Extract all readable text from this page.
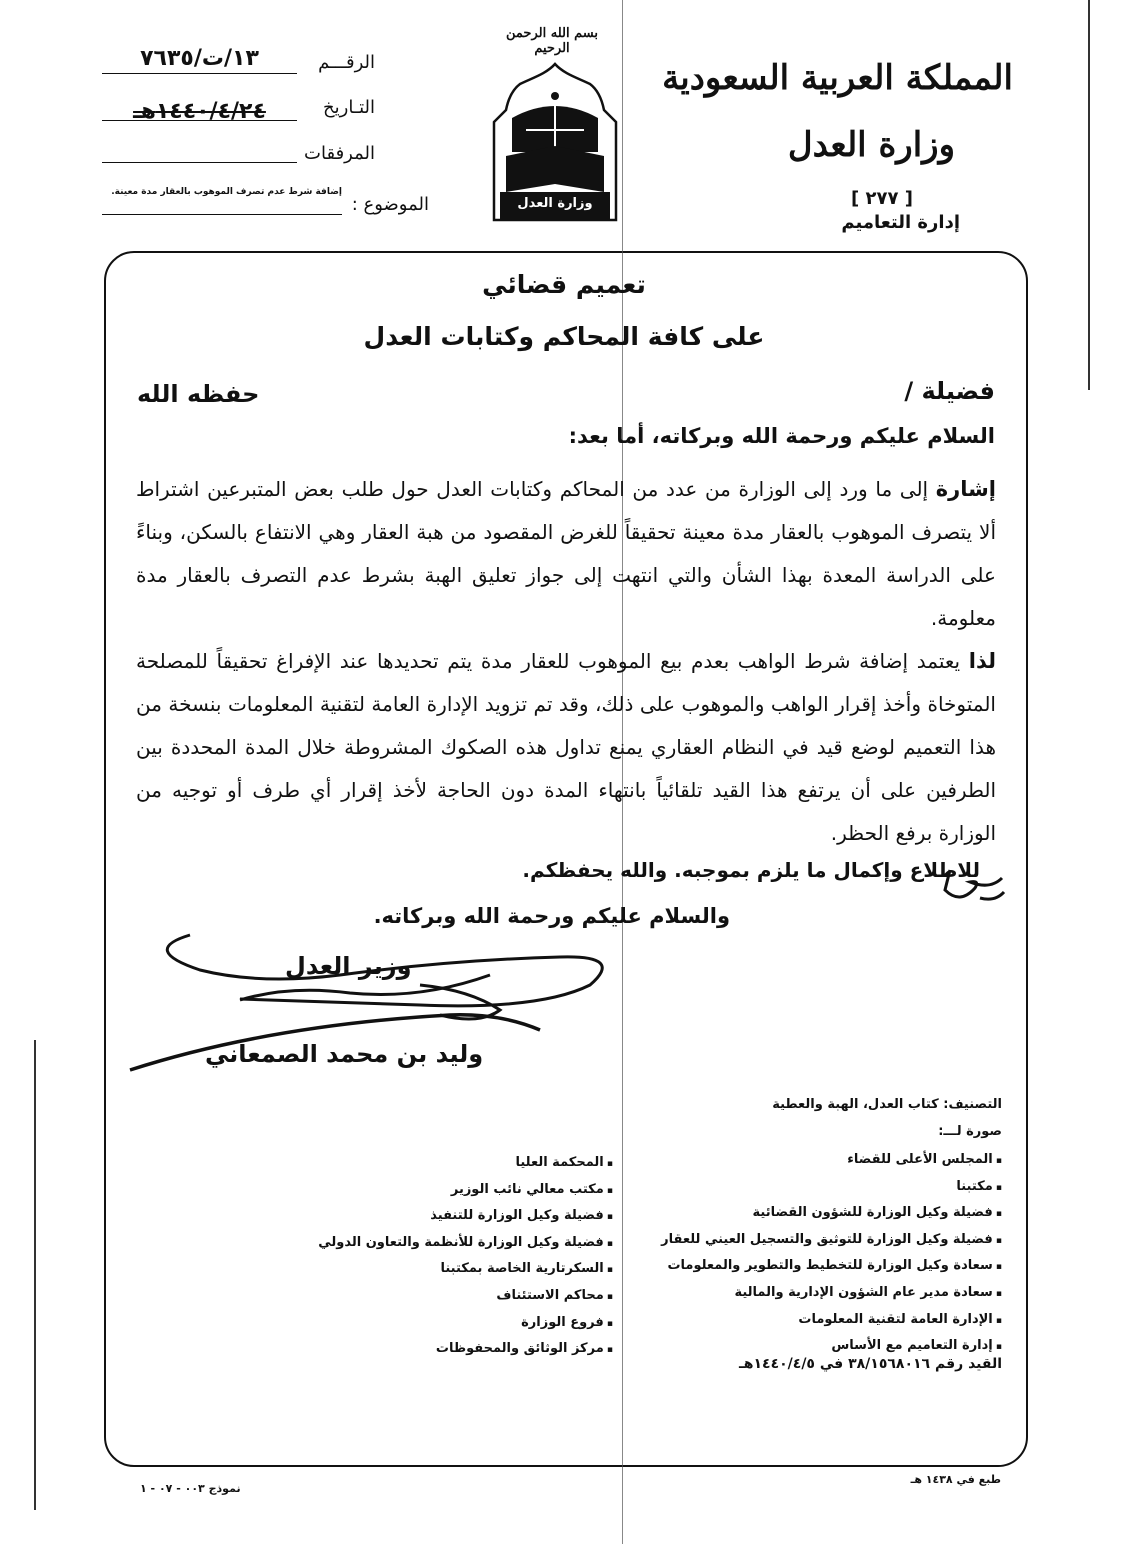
المملكة العربية السعودية
وزارة العدل
[ ٢٧٧ ]
إدارة التعاميم
بسم الله الرحمن الرحيم
وزارة العدل
الرقـــم
١٣/ت/٧٦٣٥
التـاريخ
١٤٤٠/٤/٢٤هـ
المرفقات
الموضوع :
إضافة شرط عدم تصرف الموهوب بالعقار مدة معينة.
تعميم قضائي
على كافة المحاكم وكتابات العدل
فضيلة /
حفظه الله
السلام عليكم ورحمة الله وبركاته، أما بعد:
إشارة إلى ما ورد إلى الوزارة من عدد من المحاكم وكتابات العدل حول طلب بعض المتبرعين اشتراط ألا يتصرف الموهوب بالعقار مدة معينة تحقيقاً للغرض المقصود من هبة العقار وهي الانتفاع بالسكن، وبناءً على الدراسة المعدة بهذا الشأن والتي انتهت إلى جواز تعليق الهبة بشرط عدم التصرف بالعقار مدة معلومة.
لذا يعتمد إضافة شرط الواهب بعدم بيع الموهوب للعقار مدة يتم تحديدها عند الإفراغ تحقيقاً للمصلحة المتوخاة وأخذ إقرار الواهب والموهوب على ذلك، وقد تم تزويد الإدارة العامة لتقنية المعلومات بنسخة من هذا التعميم لوضع قيد في النظام العقاري يمنع تداول هذه الصكوك المشروطة خلال المدة المحددة بين الطرفين على أن يرتفع هذا القيد تلقائياً بانتهاء المدة دون الحاجة لأخذ إقرار أي طرف أو توجيه من الوزارة برفع الحظر.
للاطلاع وإكمال ما يلزم بموجبه. والله يحفظكم.
والسلام عليكم ورحمة الله وبركاته.
وزير العدل
وليد بن محمد الصمعاني
التصنيف: كتاب العدل، الهبة والعطية
صورة لـــ:
▪ المجلس الأعلى للقضاء
▪ مكتبنا
▪ فضيلة وكيل الوزارة للشؤون القضائية
▪ فضيلة وكيل الوزارة للتوثيق والتسجيل العيني للعقار
▪ سعادة وكيل الوزارة للتخطيط والتطوير والمعلومات
▪ سعادة مدير عام الشؤون الإدارية والمالية
▪ الإدارة العامة لتقنية المعلومات
▪ إدارة التعاميم مع الأساس
▪ المحكمة العليا
▪ مكتب معالي نائب الوزير
▪ فضيلة وكيل الوزارة للتنفيذ
▪ فضيلة وكيل الوزارة للأنظمة والتعاون الدولي
▪ السكرتارية الخاصة بمكتبنا
▪ محاكم الاستئناف
▪ فروع الوزارة
▪ مركز الوثائق والمحفوظات
القيد رقم ٣٨/١٥٦٨٠١٦ في ١٤٤٠/٤/٥هـ
طبع في ١٤٣٨ هـ
نموذج ٠٠٣ - ٠٧ - ١
